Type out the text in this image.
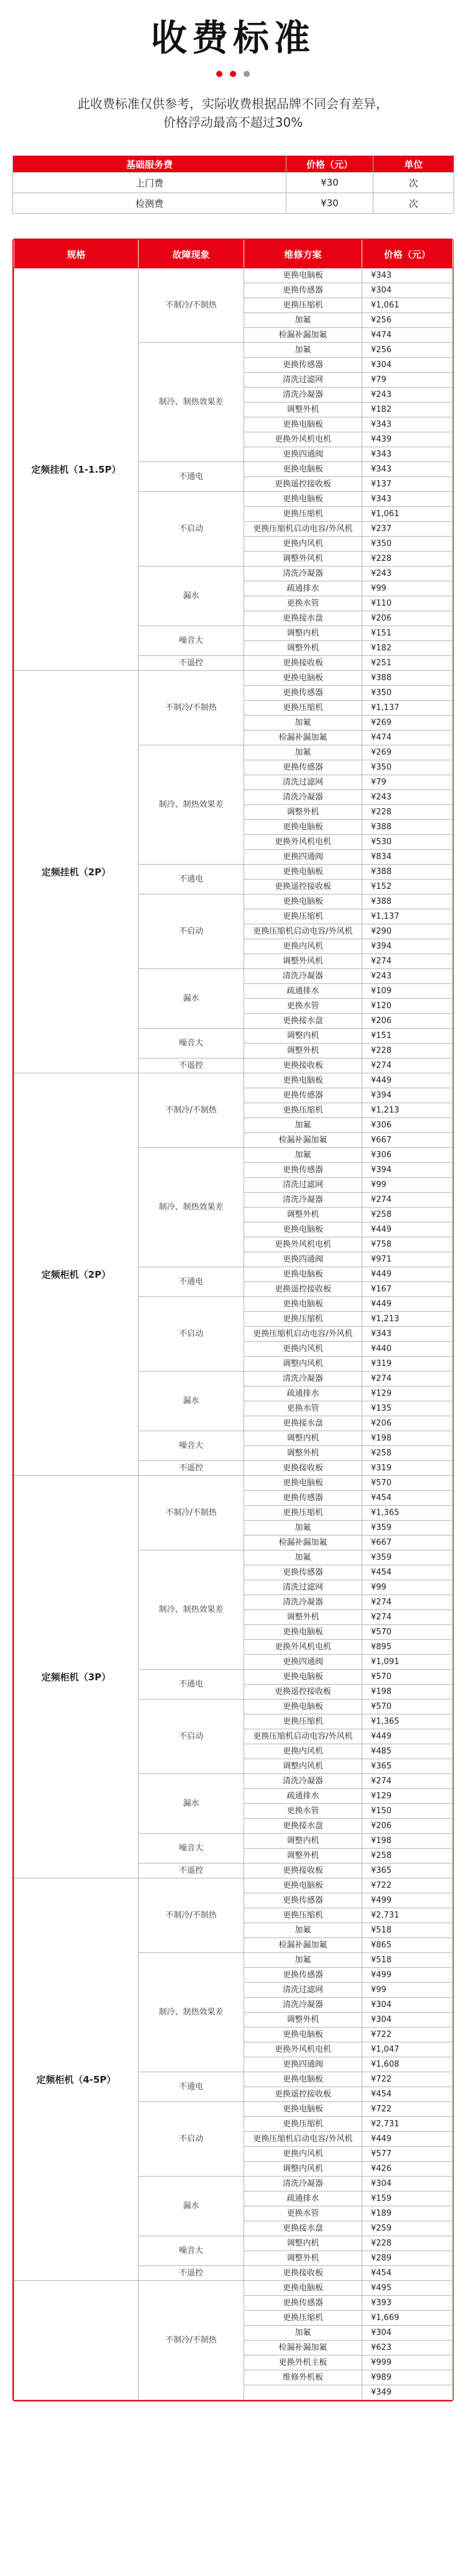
收费标准
此收费标准仅供参考，实际收费根据品牌不同会有差异，
价格浮动最高不超过30%
基础服务费	价格（元）	单位
上门费	¥30	次
检测费	¥30	次
规格	故障现象	维修方案	价格（元）
定频挂机（1-1.5P）	不制冷/不制热	更换电脑板	¥343
		更换传感器	¥304
		更换压缩机	¥1,061
		加氟	¥256
		检漏补漏加氟	¥474
	制冷、制热效果差	加氟	¥256
		更换传感器	¥304
		清洗过滤网	¥79
		清洗冷凝器	¥243
		调整外机	¥182
		更换电脑板	¥343
		更换外风机电机	¥439
		更换四通阀	¥343
	不通电	更换电脑板	¥343
		更换遥控接收板	¥137
	不启动	更换电脑板	¥343
		更换压缩机	¥1,061
		更换压缩机启动电容/外风机	¥237
		更换内风机	¥350
		调整外风机	¥228
	漏水	清洗冷凝器	¥243
		疏通排水	¥99
		更换水管	¥110
		更换接水盘	¥206
	噪音大	调整内机	¥151
		调整外机	¥182
	不遥控	更换接收板	¥251
定频挂机（2P）	不制冷/不制热	更换电脑板	¥388
		更换传感器	¥350
		更换压缩机	¥1,137
		加氟	¥269
		检漏补漏加氟	¥474
	制冷、制热效果差	加氟	¥269
		更换传感器	¥350
		清洗过滤网	¥79
		清洗冷凝器	¥243
		调整外机	¥228
		更换电脑板	¥388
		更换外风机电机	¥530
		更换四通阀	¥834
	不通电	更换电脑板	¥388
		更换遥控接收板	¥152
	不启动	更换电脑板	¥388
		更换压缩机	¥1,137
		更换压缩机启动电容/外风机	¥290
		更换内风机	¥394
		调整外风机	¥274
	漏水	清洗冷凝器	¥243
		疏通排水	¥109
		更换水管	¥120
		更换接水盘	¥206
	噪音大	调整内机	¥151
		调整外机	¥228
	不遥控	更换接收板	¥274
定频柜机（2P）	不制冷/不制热	更换电脑板	¥449
		更换传感器	¥394
		更换压缩机	¥1,213
		加氟	¥306
		检漏补漏加氟	¥667
	制冷、制热效果差	加氟	¥306
		更换传感器	¥394
		清洗过滤网	¥99
		清洗冷凝器	¥274
		调整外机	¥258
		更换电脑板	¥449
		更换外风机电机	¥758
		更换四通阀	¥971
	不通电	更换电脑板	¥449
		更换遥控接收板	¥167
	不启动	更换电脑板	¥449
		更换压缩机	¥1,213
		更换压缩机启动电容/外风机	¥343
		更换内风机	¥440
		调整内风机	¥319
	漏水	清洗冷凝器	¥274
		疏通排水	¥129
		更换水管	¥135
		更换接水盘	¥206
	噪音大	调整内机	¥198
		调整外机	¥258
	不遥控	更换接收板	¥319
定频柜机（3P）	不制冷/不制热	更换电脑板	¥570
		更换传感器	¥454
		更换压缩机	¥1,365
		加氟	¥359
		检漏补漏加氟	¥667
	制冷、制热效果差	加氟	¥359
		更换传感器	¥454
		清洗过滤网	¥99
		清洗冷凝器	¥274
		调整外机	¥274
		更换电脑板	¥570
		更换外风机电机	¥895
		更换四通阀	¥1,091
	不通电	更换电脑板	¥570
		更换遥控接收板	¥198
	不启动	更换电脑板	¥570
		更换压缩机	¥1,365
		更换压缩机启动电容/外风机	¥449
		更换内风机	¥485
		调整内风机	¥365
	漏水	清洗冷凝器	¥274
		疏通排水	¥129
		更换水管	¥150
		更换接水盘	¥206
	噪音大	调整内机	¥198
		调整外机	¥258
	不遥控	更换接收板	¥365
定频柜机（4-5P）	不制冷/不制热	更换电脑板	¥722
		更换传感器	¥499
		更换压缩机	¥2,731
		加氟	¥518
		检漏补漏加氟	¥865
	制冷、制热效果差	加氟	¥518
		更换传感器	¥499
		清洗过滤网	¥99
		清洗冷凝器	¥304
		调整外机	¥304
		更换电脑板	¥722
		更换外风机电机	¥1,047
		更换四通阀	¥1,608
	不通电	更换电脑板	¥722
		更换遥控接收板	¥454
	不启动	更换电脑板	¥722
		更换压缩机	¥2,731
		更换压缩机启动电容/外风机	¥449
		更换内风机	¥577
		调整内风机	¥426
	漏水	清洗冷凝器	¥304
		疏通排水	¥159
		更换水管	¥189
		更换接水盘	¥259
	噪音大	调整内机	¥228
		调整外机	¥289
	不遥控	更换接收板	¥454
	不制冷/不制热	更换电脑板	¥495
		更换传感器	¥393
		更换压缩机	¥1,669
		加氟	¥304
		检漏补漏加氟	¥623
		更换外机主板	¥999
		维修外机板	¥989
			¥349
